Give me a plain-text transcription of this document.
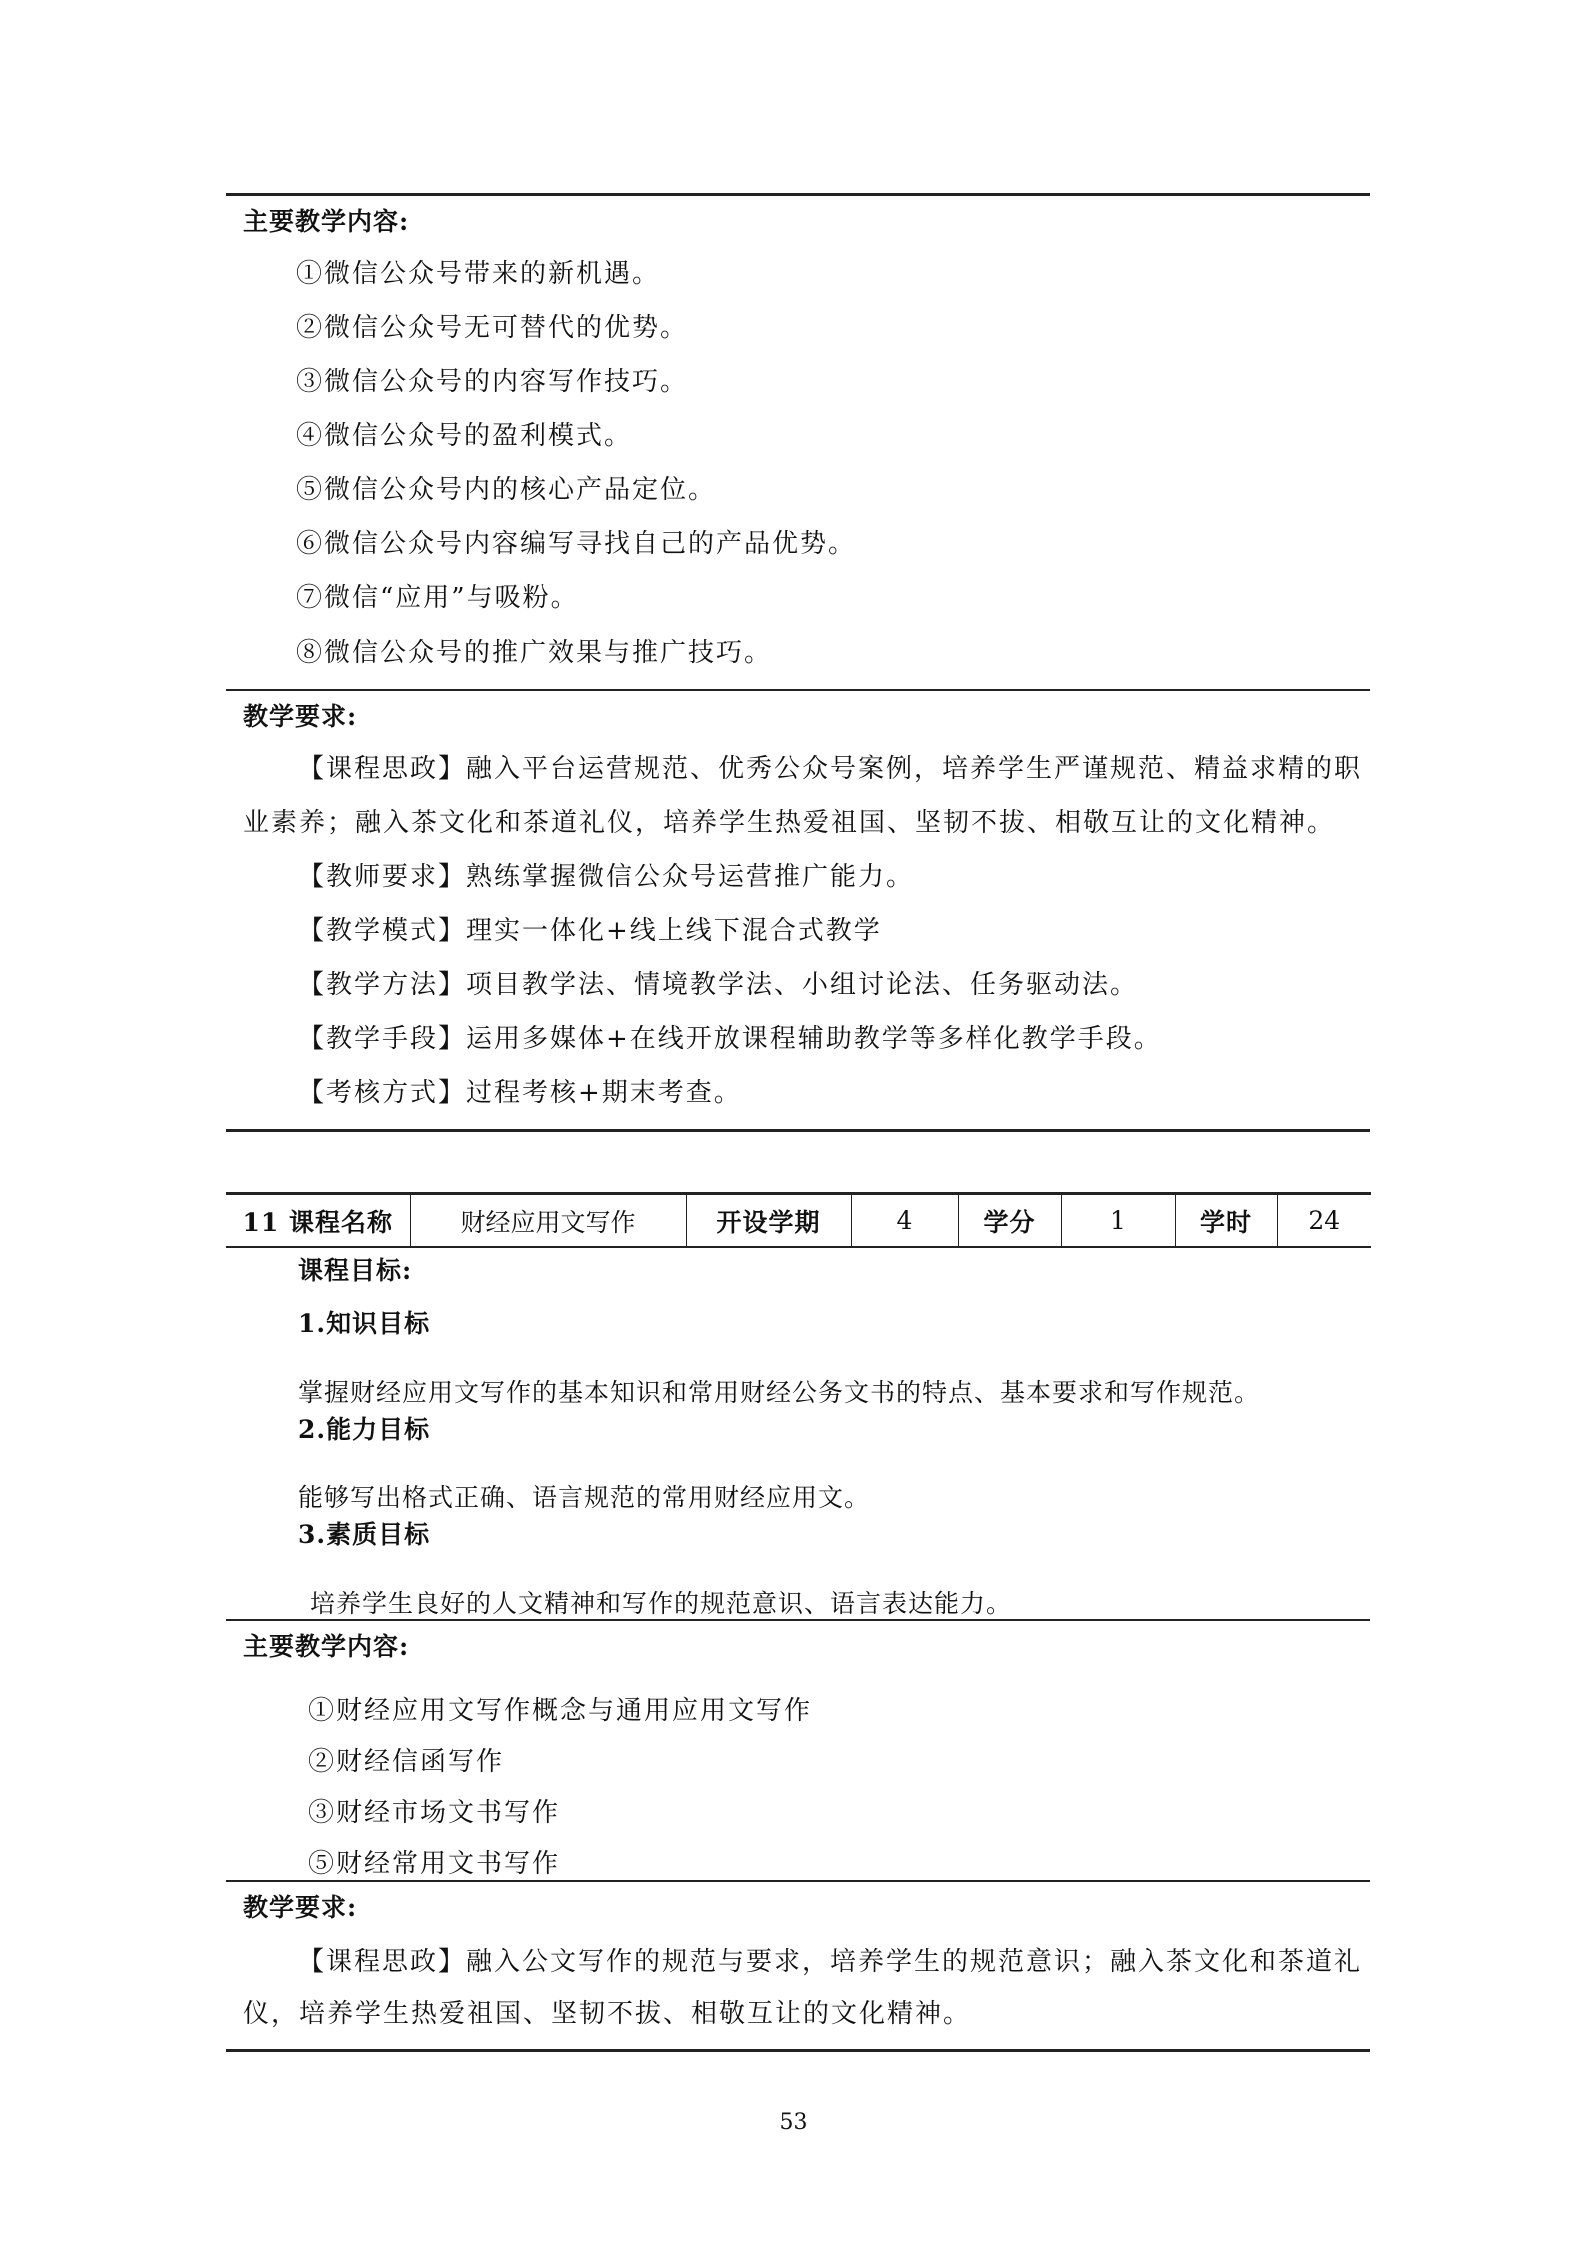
主要教学内容:
①微信公众号带来的新机遇。
②微信公众号无可替代的优势。
③微信公众号的内容写作技巧。
④微信公众号的盈利模式。
⑤微信公众号内的核心产品定位。
⑥微信公众号内容编写寻找自己的产品优势。
⑦微信“应用”与吸粉。
⑧微信公众号的推广效果与推广技巧。
教学要求:
【课程思政】融入平台运营规范、优秀公众号案例，培养学生严谨规范、精益求精的职
业素养；融入茶文化和茶道礼仪，培养学生热爱祖国、坚韧不拔、相敬互让的文化精神。
【教师要求】熟练掌握微信公众号运营推广能力。
【教学模式】理实一体化+线上线下混合式教学
【教学方法】项目教学法、情境教学法、小组讨论法、任务驱动法。
【教学手段】运用多媒体+在线开放课程辅助教学等多样化教学手段。
【考核方式】过程考核+期末考查。
11 课程名称	财经应用文写作	开设学期	4	学分	1	学时	24
课程目标:
1.知识目标
掌握财经应用文写作的基本知识和常用财经公务文书的特点、基本要求和写作规范。
2.能力目标
能够写出格式正确、语言规范的常用财经应用文。
3.素质目标
培养学生良好的人文精神和写作的规范意识、语言表达能力。
主要教学内容:
①财经应用文写作概念与通用应用文写作
②财经信函写作
③财经市场文书写作
⑤财经常用文书写作
教学要求:
【课程思政】融入公文写作的规范与要求，培养学生的规范意识；融入茶文化和茶道礼
仪，培养学生热爱祖国、坚韧不拔、相敬互让的文化精神。
53
